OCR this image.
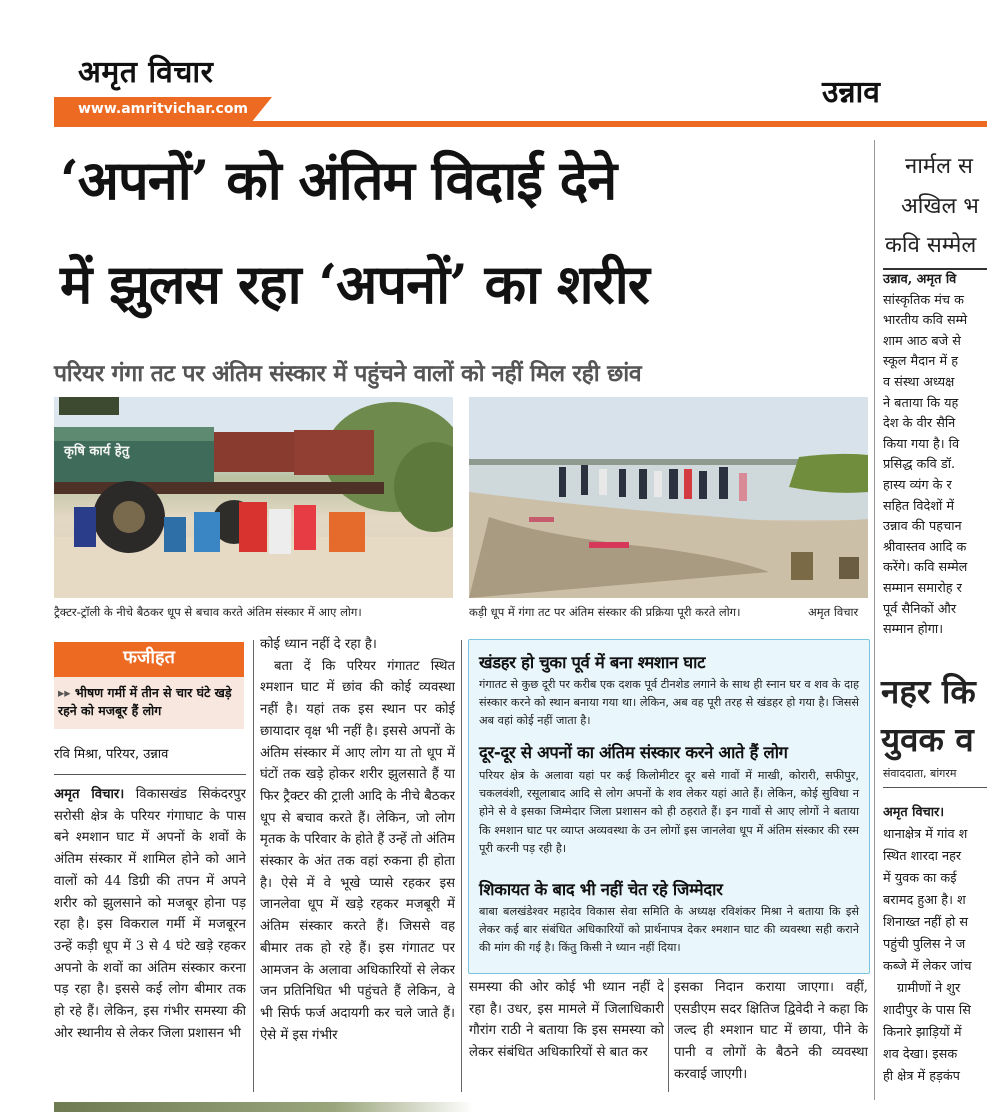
अमृत विचार
www.amritvichar.com	उन्नाव
‘अपनों’ को अंतिम विदाई देने
में झुलस रहा ‘अपनों’ का शरीर
परियर गंगा तट पर अंतिम संस्कार में पहुंचने वालों को नहीं मिल रही छांव
कृषि कार्य हेतु
ट्रैक्टर-ट्रॉली के नीचे बैठकर धूप से बचाव करते अंतिम संस्कार में आए लोग।	कड़ी धूप में गंगा तट पर अंतिम संस्कार की प्रक्रिया पूरी करते लोग।	अमृत विचार
फजीहत
▸▸ भीषण गर्मी में तीन से चार घंटे खड़े रहने को मजबूर हैं लोग
रवि मिश्रा, परियर, उन्नाव
अमृत विचार। विकासखंड सिकंदरपुर सरोसी क्षेत्र के परियर गंगाघाट के पास बने श्मशान घाट में अपनों के शवों के अंतिम संस्कार में शामिल होने को आने वालों को 44 डिग्री की तपन में अपने शरीर को झुलसाने को मजबूर होना पड़ रहा है। इस विकराल गर्मी में मजबूरन उन्हें कड़ी धूप में 3 से 4 घंटे खड़े रहकर अपनो के शवों का अंतिम संस्कार करना पड़ रहा है। इससे कई लोग बीमार तक हो रहे हैं। लेकिन, इस गंभीर समस्या की ओर स्थानीय से लेकर जिला प्रशासन भी
कोई ध्यान नहीं दे रहा है।
बता दें कि परियर गंगातट स्थित श्मशान घाट में छांव की कोई व्यवस्था नहीं है। यहां तक इस स्थान पर कोई छायादार वृक्ष भी नहीं है। इससे अपनों के अंतिम संस्कार में आए लोग या तो धूप में घंटों तक खड़े होकर शरीर झुलसाते हैं या फिर ट्रैक्टर की ट्राली आदि के नीचे बैठकर धूप से बचाव करते हैं। लेकिन, जो लोग मृतक के परिवार के होते हैं उन्हें तो अंतिम संस्कार के अंत तक वहां रुकना ही होता है। ऐसे में वे भूखे प्यासे रहकर इस जानलेवा धूप में खड़े रहकर मजबूरी में अंतिम संस्कार करते हैं। जिससे वह बीमार तक हो रहे हैं। इस गंगातट पर आमजन के अलावा अधिकारियों से लेकर जन प्रतिनिधित भी पहुंचते हैं लेकिन, वे भी सिर्फ फर्ज अदायगी कर चले जाते हैं। ऐसे में इस गंभीर
खंडहर हो चुका पूर्व में बना श्मशान घाट
गंगातट से कुछ दूरी पर करीब एक दशक पूर्व टीनशेड लगाने के साथ ही स्नान घर व शव के दाह संस्कार करने को स्थान बनाया गया था। लेकिन, अब वह पूरी तरह से खंडहर हो गया है। जिससे अब वहां कोई नहीं जाता है।
दूर-दूर से अपनों का अंतिम संस्कार करने आते हैं लोग
परियर क्षेत्र के अलावा यहां पर कई किलोमीटर दूर बसे गावों में माखी, कोरारी, सफीपुर, चकलवंशी, रसूलाबाद आदि से लोग अपनों के शव लेकर यहां आते हैं। लेकिन, कोई सुविधा न होने से वे इसका जिम्मेदार जिला प्रशासन को ही ठहराते हैं। इन गावों से आए लोगों ने बताया कि श्मशान घाट पर व्याप्त अव्यवस्था के उन लोगों इस जानलेवा धूप में अंतिम संस्कार की रस्म पूरी करनी पड़ रही है।
शिकायत के बाद भी नहीं चेत रहे जिम्मेदार
बाबा बलखंडेश्वर महादेव विकास सेवा समिति के अध्यक्ष रविशंकर मिश्रा ने बताया कि इसे लेकर कई बार संबंधित अधिकारियों को प्रार्थनापत्र देकर श्मशान घाट की व्यवस्था सही कराने की मांग की गई है। किंतु किसी ने ध्यान नहीं दिया।
समस्या की ओर कोई भी ध्यान नहीं दे रहा है। उधर, इस मामले में जिलाधिकारी गौरांग राठी ने बताया कि इस समस्या को लेकर संबंधित अधिकारियों से बात कर
इसका निदान कराया जाएगा। वहीं, एसडीएम सदर क्षितिज द्विवेदी ने कहा कि जल्द ही श्मशान घाट में छाया, पीने के पानी व लोगों के बैठने की व्यवस्था करवाई जाएगी।
नार्मल स
अखिल भ
कवि सम्मेल
उन्नाव, अमृत वि
सांस्कृतिक मंच क
भारतीय कवि सम्मे
शाम आठ बजे से
स्कूल मैदान में ह
व संस्था अध्यक्ष
ने बताया कि यह
देश के वीर सैनि
किया गया है। वि
प्रसिद्ध कवि डॉ.
हास्य व्यंग के र
सहित विदेशों में
उन्नाव की पहचान
श्रीवास्तव आदि क
करेंगे। कवि सम्मेल
सम्मान समारोह र
पूर्व सैनिकों और
सम्मान होगा।
नहर कि
युवक व
संवाददाता, बांगरम
अमृत विचार।
थानाक्षेत्र में गांव श
स्थित शारदा नहर
में युवक का कई
बरामद हुआ है। श
शिनाख्त नहीं हो स
पहुंची पुलिस ने ज
कब्जे में लेकर जांच
ग्रामीणों ने शुर
शादीपुर के पास सि
किनारे झाड़ियों में
शव देखा। इसक
ही क्षेत्र में हड़कंप
